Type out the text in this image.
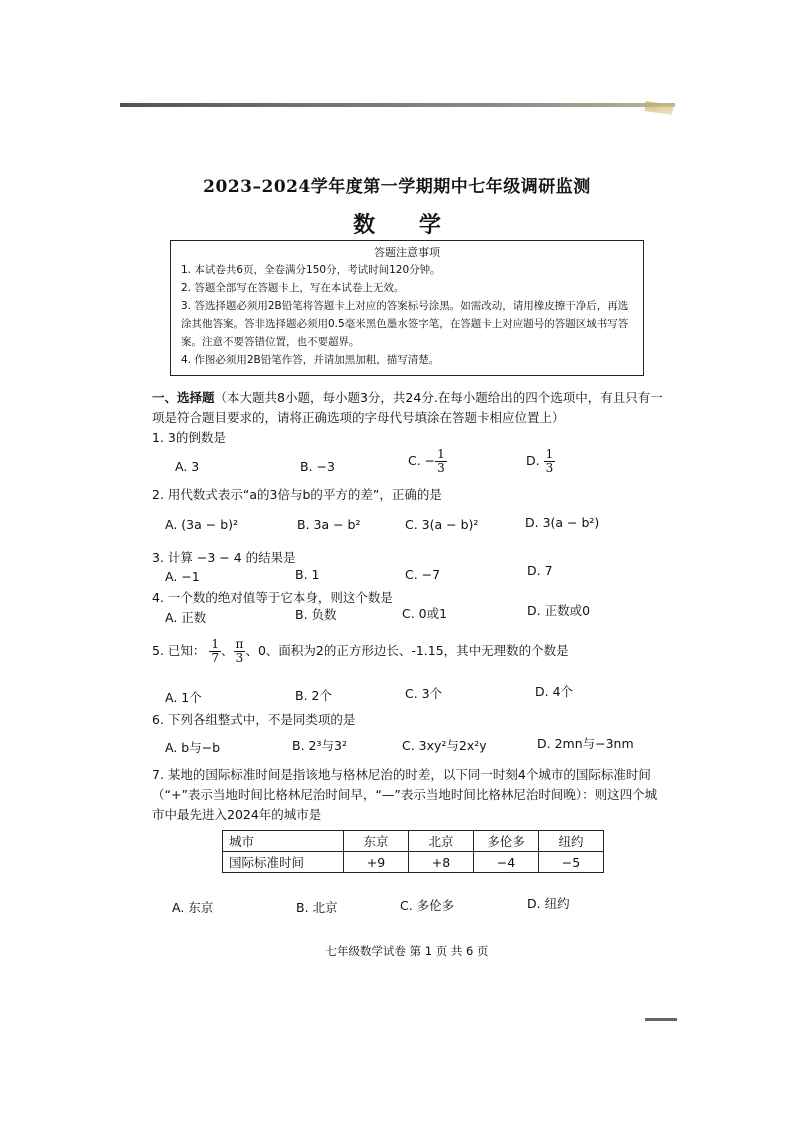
2023–2024学年度第一学期期中七年级调研监测
数 学
答题注意事项
1. 本试卷共6页，全卷满分150分，考试时间120分钟。
2. 答题全部写在答题卡上，写在本试卷上无效。
3. 答选择题必须用2B铅笔将答题卡上对应的答案标号涂黑。如需改动，请用橡皮擦干净后，再选涂其他答案。答非选择题必须用0.5毫米黑色墨水签字笔，在答题卡上对应题号的答题区域书写答案。注意不要答错位置，也不要超界。
4. 作图必须用2B铅笔作答，并请加黑加粗，描写清楚。
一、选择题（本大题共8小题，每小题3分，共24分.在每小题给出的四个选项中，有且只有一项是符合题目要求的，请将正确选项的字母代号填涂在答题卡相应位置上）
1. 3的倒数是
A. 3	B. −3	C. − $\frac{1}{3}$	D. $\frac{1}{3}$
2. 用代数式表示“a的3倍与b的平方的差”，正确的是
A. (3a − b)²	B. 3a − b²	C. 3(a − b)²	D. 3(a − b²)
3. 计算 −3 − 4 的结果是
A. −1	B. 1	C. −7	D. 7
4. 一个数的绝对值等于它本身，则这个数是
A. 正数	B. 负数	C. 0或1	D. 正数或0
5. 已知： $\frac{1}{7}$ 、 $\frac{\pi}{3}$ 、0、面积为2的正方形边长、-1.15，其中无理数的个数是
A. 1个	B. 2个	C. 3个	D. 4个
6. 下列各组整式中，不是同类项的是
A. b与−b	B. 2³与3²	C. 3xy²与2x²y	D. 2mn与−3nm
7. 某地的国际标准时间是指该地与格林尼治的时差，以下同一时刻4个城市的国际标准时间（“+”表示当地时间比格林尼治时间早，“—”表示当地时间比格林尼治时间晚）：则这四个城市中最先进入2024年的城市是
城市	东京	北京	多伦多	纽约
国际标准时间	+9	+8	−4	−5
A. 东京	B. 北京	C. 多伦多	D. 纽约
七年级数学试卷 第 1 页 共 6 页
